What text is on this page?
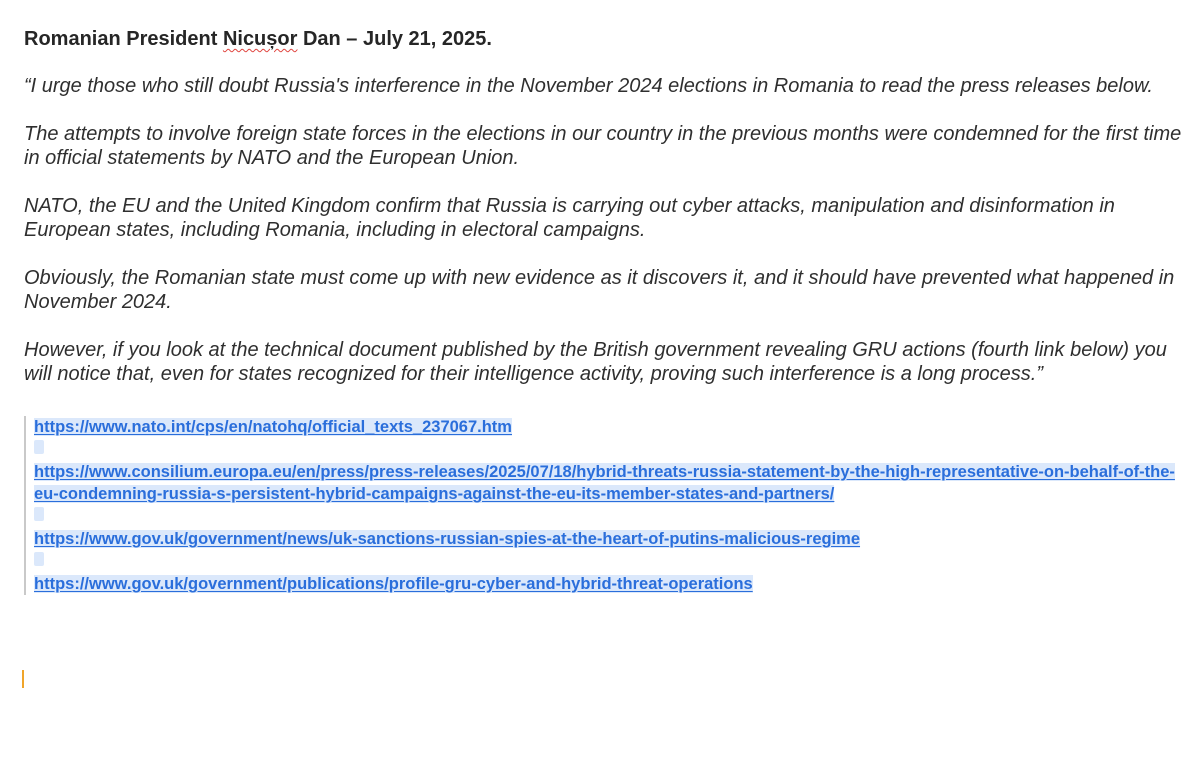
Romanian President Nicușor Dan – July 21, 2025.

“I urge those who still doubt Russia's interference in the November 2024 elections in Romania to read the press releases below.

The attempts to involve foreign state forces in the elections in our country in the previous months were condemned for the first time in official statements by NATO and the European Union.

NATO, the EU and the United Kingdom confirm that Russia is carrying out cyber attacks, manipulation and disinformation in European states, including Romania, including in electoral campaigns.

Obviously, the Romanian state must come up with new evidence as it discovers it, and it should have prevented what happened in November 2024.

However, if you look at the technical document published by the British government revealing GRU actions (fourth link below) you will notice that, even for states recognized for their intelligence activity, proving such interference is a long process.”

https://www.nato.int/cps/en/natohq/official_texts_237067.htm
https://www.consilium.europa.eu/en/press/press-releases/2025/07/18/hybrid-threats-russia-statement-by-the-high-representative-on-behalf-of-the-eu-condemning-russia-s-persistent-hybrid-campaigns-against-the-eu-its-member-states-and-partners/
https://www.gov.uk/government/news/uk-sanctions-russian-spies-at-the-heart-of-putins-malicious-regime
https://www.gov.uk/government/publications/profile-gru-cyber-and-hybrid-threat-operations
